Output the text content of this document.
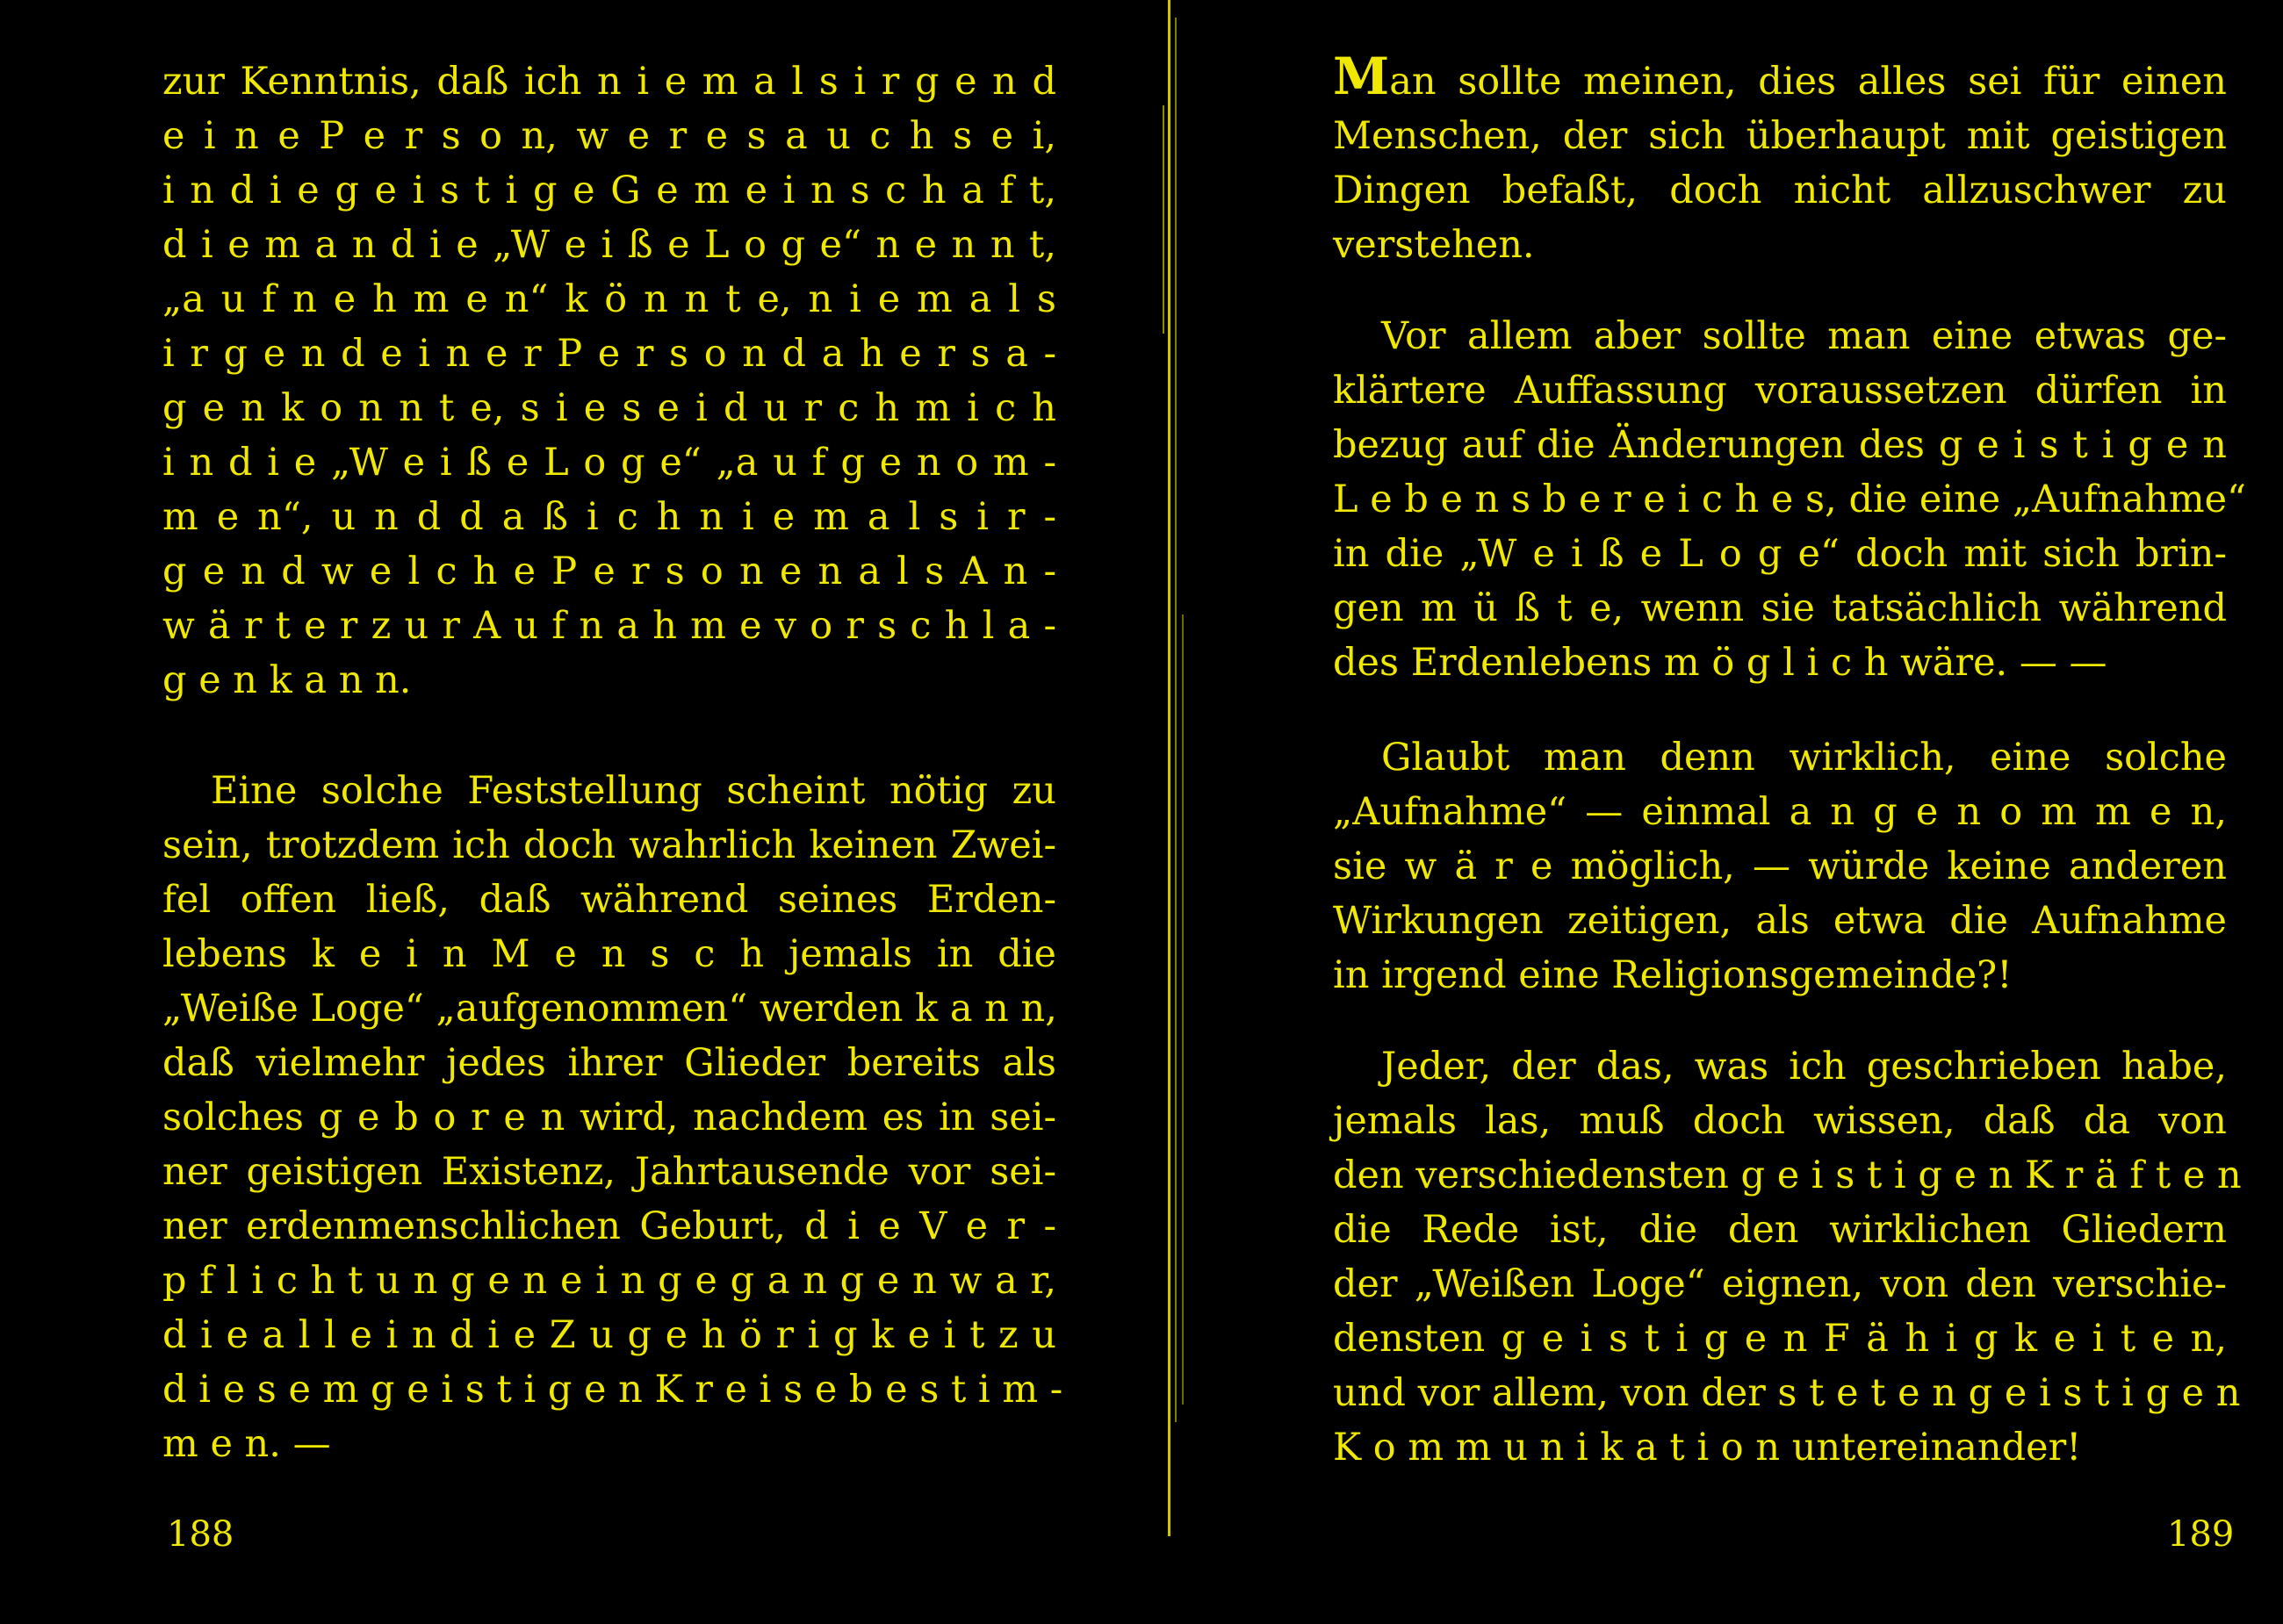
zur Kenntnis, daß ich n i e m a l s i r g e n d
e i n e P e r s o n, w e r e s a u c h s e i,
i n d i e g e i s t i g e G e m e i n s c h a f t,
d i e m a n d i e „W e i ß e L o g e“ n e n n t,
„a u f n e h m e n“ k ö n n t e, n i e m a l s
i r g e n d e i n e r P e r s o n d a h e r s a -
g e n k o n n t e, s i e s e i d u r c h m i c h
i n d i e „W e i ß e L o g e“ „a u f g e n o m -
m e n“, u n d d a ß i c h n i e m a l s i r -
g e n d w e l c h e P e r s o n e n a l s A n -
w ä r t e r z u r A u f n a h m e v o r s c h l a -
g e n k a n n.
Eine solche Feststellung scheint nötig zu
sein, trotzdem ich doch wahrlich keinen Zwei-
fel offen ließ, daß während seines Erden-
lebens k e i n M e n s c h jemals in die
„Weiße Loge“ „aufgenommen“ werden k a n n,
daß vielmehr jedes ihrer Glieder bereits als
solches g e b o r e n wird, nachdem es in sei-
ner geistigen Existenz, Jahrtausende vor sei-
ner erdenmenschlichen Geburt, d i e V e r -
p f l i c h t u n g e n e i n g e g a n g e n w a r,
d i e a l l e i n d i e Z u g e h ö r i g k e i t z u
d i e s e m g e i s t i g e n K r e i s e b e s t i m -
m e n. —
188
Man sollte meinen, dies alles sei für einen
Menschen, der sich überhaupt mit geistigen
Dingen befaßt, doch nicht allzuschwer zu
verstehen.
Vor allem aber sollte man eine etwas ge-
klärtere Auffassung voraussetzen dürfen in
bezug auf die Änderungen des g e i s t i g e n
L e b e n s b e r e i c h e s, die eine „Aufnahme“
in die „W e i ß e L o g e“ doch mit sich brin-
gen m ü ß t e, wenn sie tatsächlich während
des Erdenlebens m ö g l i c h wäre. — —
Glaubt man denn wirklich, eine solche
„Aufnahme“ — einmal a n g e n o m m e n,
sie w ä r e möglich, — würde keine anderen
Wirkungen zeitigen, als etwa die Aufnahme
in irgend eine Religionsgemeinde?!
Jeder, der das, was ich geschrieben habe,
jemals las, muß doch wissen, daß da von
den verschiedensten g e i s t i g e n K r ä f t e n
die Rede ist, die den wirklichen Gliedern
der „Weißen Loge“ eignen, von den verschie-
densten g e i s t i g e n F ä h i g k e i t e n,
und vor allem, von der s t e t e n g e i s t i g e n
K o m m u n i k a t i o n untereinander!
189
